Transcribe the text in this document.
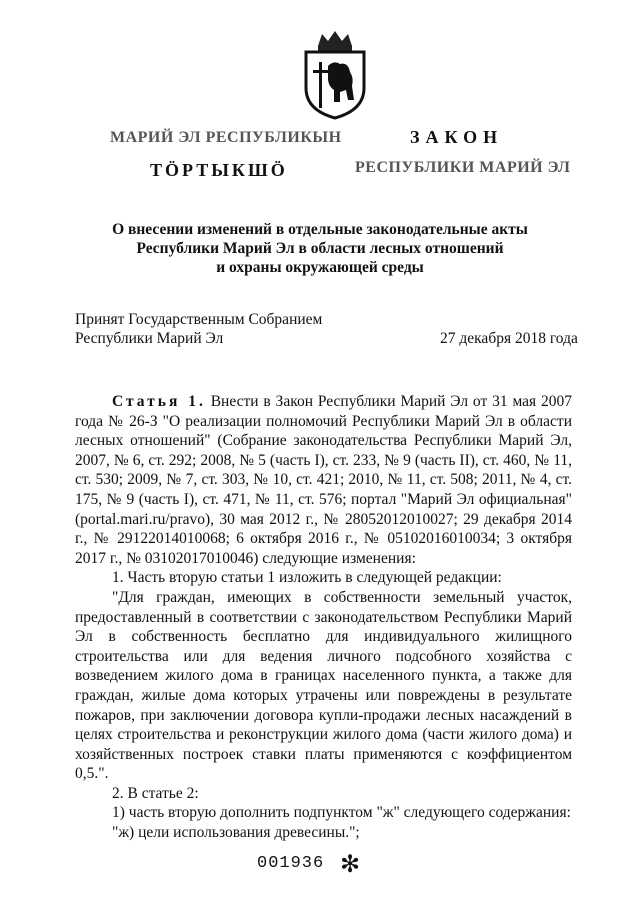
МАРИЙ ЭЛ РЕСПУБЛИКЫН
ТӦРТЫКШӦ
ЗАКОН
РЕСПУБЛИКИ МАРИЙ ЭЛ
О внесении изменений в отдельные законодательные акты
Республики Марий Эл в области лесных отношений
и охраны окружающей среды
Принят Государственным Собранием
Республики Марий Эл	27 декабря 2018 года

Статья 1. Внести в Закон Республики Марий Эл от 31 мая 2007 года № 26-З "О реализации полномочий Республики Марий Эл в области лесных отношений" (Собрание законодательства Республики Марий Эл, 2007, № 6, ст. 292; 2008, № 5 (часть I), ст. 233, № 9 (часть II), ст. 460, № 11, ст. 530; 2009, № 7, ст. 303, № 10, ст. 421; 2010, № 11, ст. 508; 2011, № 4, ст. 175, № 9 (часть I), ст. 471, № 11, ст. 576; портал "Марий Эл официальная" (portal.mari.ru/pravo), 30 мая 2012 г., № 28052012010027; 29 декабря 2014 г., № 29122014010068; 6 октября 2016 г., № 05102016010034; 3 октября 2017 г., № 03102017010046) следующие изменения:

1. Часть вторую статьи 1 изложить в следующей редакции:

"Для граждан, имеющих в собственности земельный участок, предоставленный в соответствии с законодательством Республики Марий Эл в собственность бесплатно для индивидуального жилищного строительства или для ведения личного подсобного хозяйства с возведением жилого дома в границах населенного пункта, а также для граждан, жилые дома которых утрачены или повреждены в результате пожаров, при заключении договора купли-продажи лесных насаждений в целях строительства и реконструкции жилого дома (части жилого дома) и хозяйственных построек ставки платы применяются с коэффициентом 0,5.".

2. В статье 2:

1) часть вторую дополнить подпунктом "ж" следующего содержания:

"ж) цели использования древесины.";

001936 ✻
